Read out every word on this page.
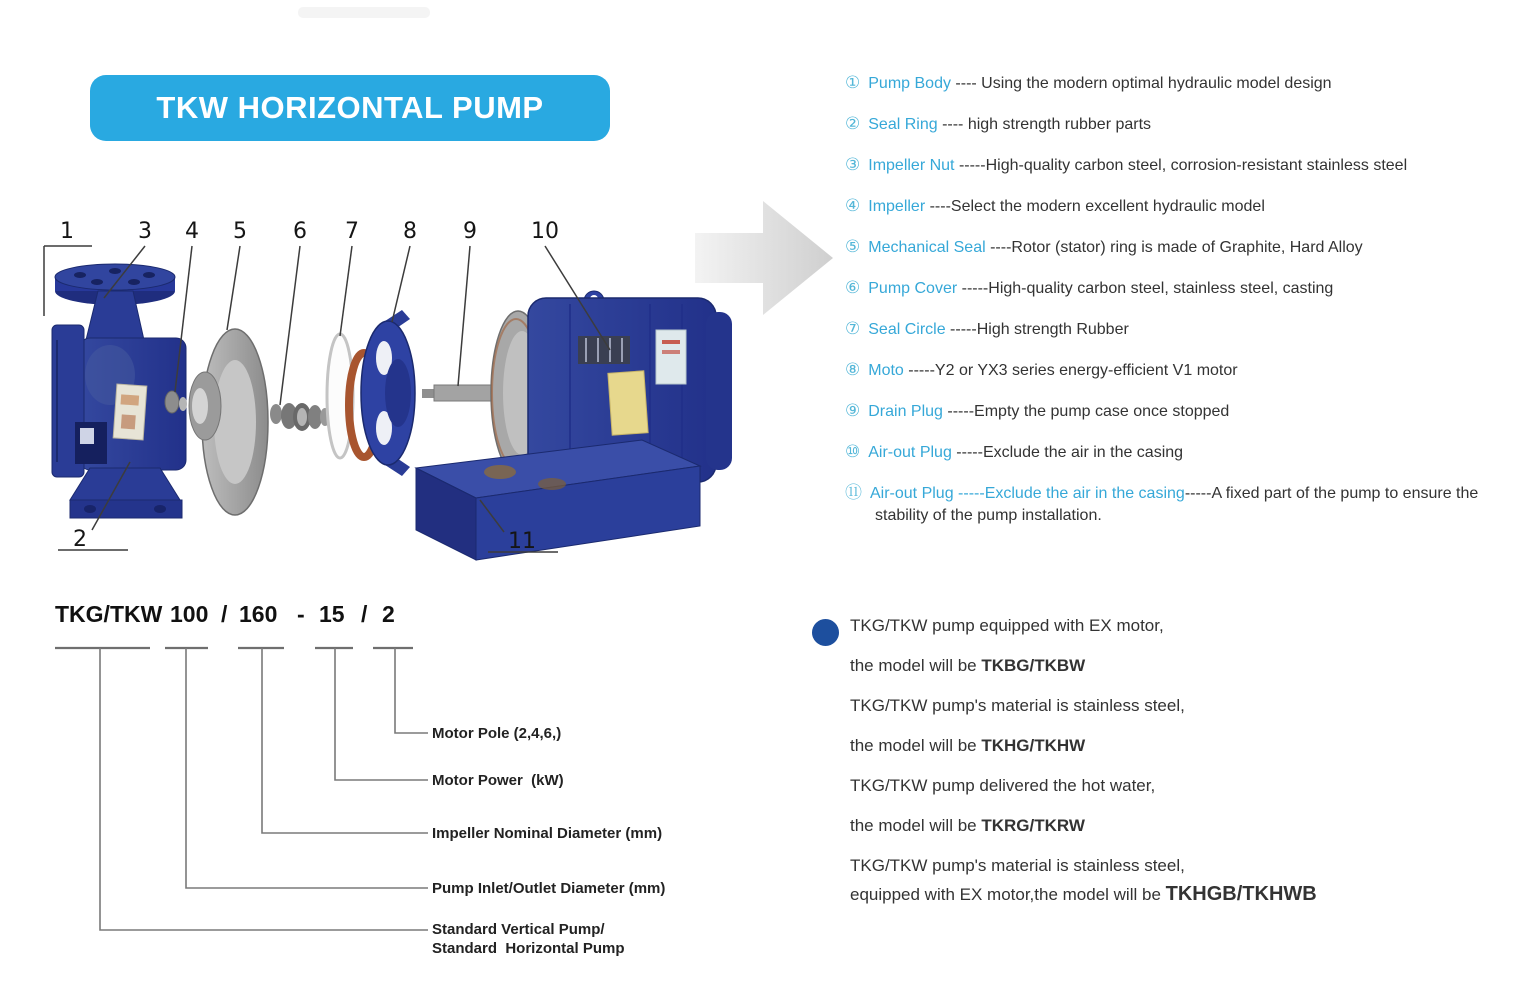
TKW HORIZONTAL PUMP
1	3 4 5 6 7 8 9 10
2	11
① Pump Body ---- Using the modern optimal hydraulic model design
② Seal Ring ---- high strength rubber parts
③ Impeller Nut -----High-quality carbon steel, corrosion-resistant stainless steel
④ Impeller ----Select the modern excellent hydraulic model
⑤ Mechanical Seal ----Rotor (stator) ring is made of Graphite, Hard Alloy
⑥ Pump Cover -----High-quality carbon steel, stainless steel, casting
⑦ Seal Circle -----High strength Rubber
⑧ Moto -----Y2 or YX3 series energy-efficient V1 motor
⑨ Drain Plug -----Empty the pump case once stopped
⑩ Air-out Plug -----Exclude the air in the casing
⑪ Air-out Plug -----Exclude the air in the casing-----A fixed part of the pump to ensure the stability of the pump installation.
TKG/TKW 100 / 160 - 15 / 2
Motor Pole (2,4,6,)
Motor Power  (kW)
Impeller Nominal Diameter (mm)
Pump Inlet/Outlet Diameter (mm)
Standard Vertical Pump/
Standard  Horizontal Pump
TKG/TKW pump equipped with EX motor,
the model will be TKBG/TKBW
TKG/TKW pump's material is stainless steel,
the model will be TKHG/TKHW
TKG/TKW pump delivered the hot water,
the model will be TKRG/TKRW
TKG/TKW pump's material is stainless steel,
equipped with EX motor,the model will be TKHGB/TKHWB
